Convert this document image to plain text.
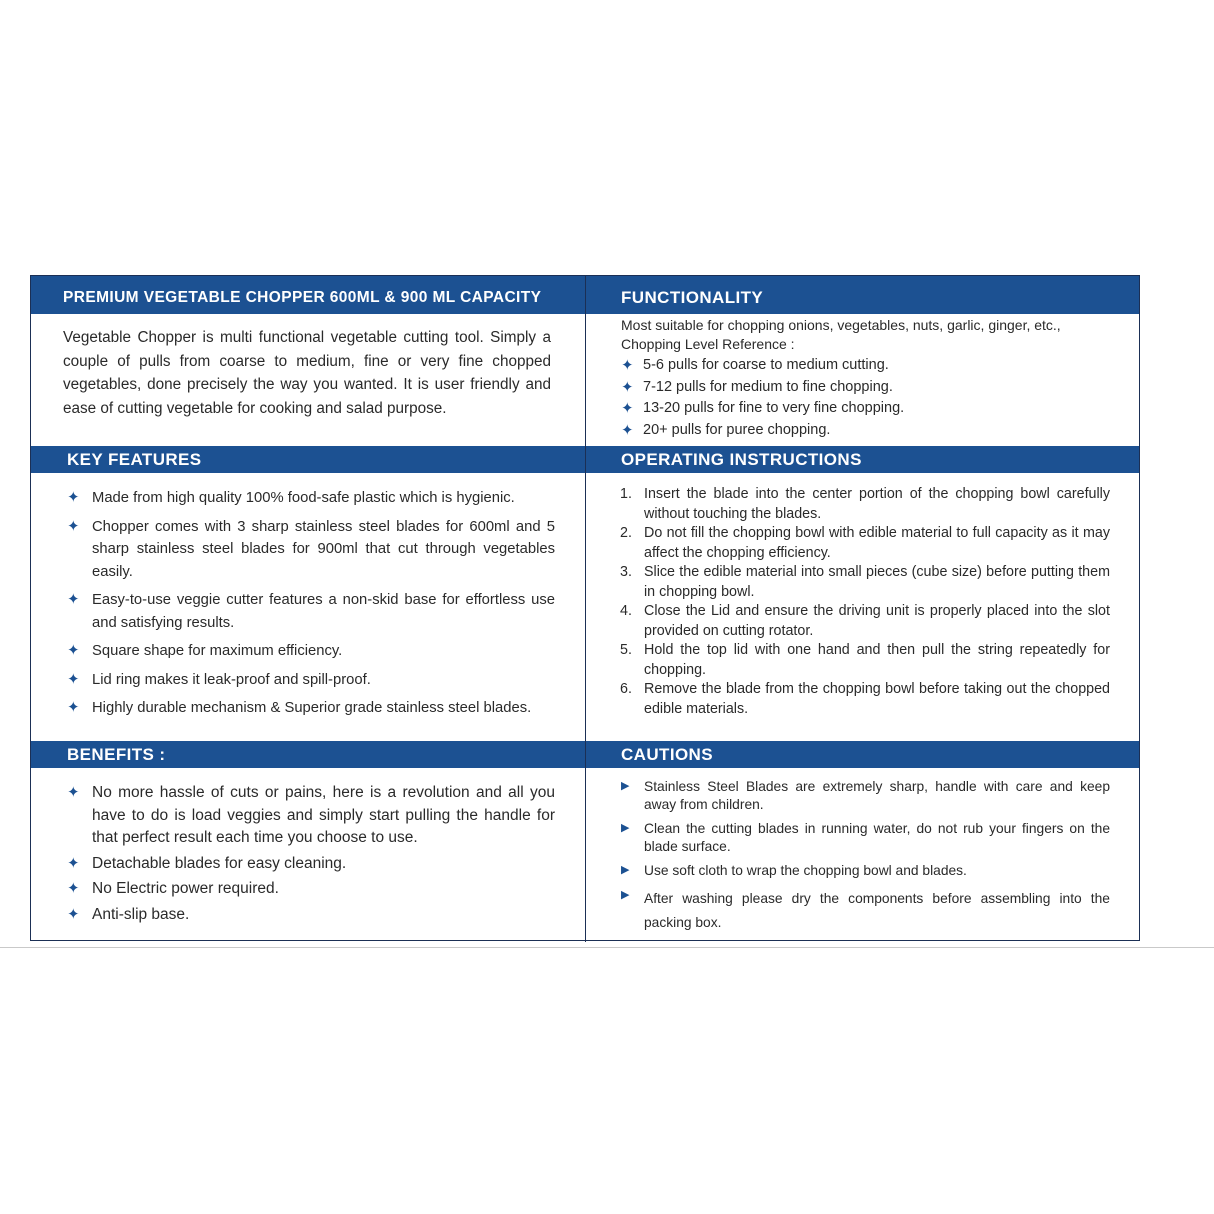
PREMIUM VEGETABLE CHOPPER 600ML & 900 ML CAPACITY	FUNCTIONALITY
Vegetable Chopper is multi functional vegetable cutting tool. Simply a couple of pulls from coarse to medium, fine or very fine chopped vegetables, done precisely the way you wanted. It is user friendly and ease of cutting vegetable for cooking and salad purpose.
Most suitable for chopping onions, vegetables, nuts, garlic, ginger, etc.,
Chopping Level Reference :
✦ 5-6 pulls for coarse to medium cutting.
✦ 7-12 pulls for medium to fine chopping.
✦ 13-20 pulls for fine to very fine chopping.
✦ 20+ pulls for puree chopping.
KEY FEATURES	OPERATING INSTRUCTIONS
✦ Made from high quality 100% food-safe plastic which is hygienic.
✦ Chopper comes with 3 sharp stainless steel blades for 600ml and 5 sharp stainless steel blades for 900ml that cut through vegetables easily.
✦ Easy-to-use veggie cutter features a non-skid base for effortless use and satisfying results.
✦ Square shape for maximum efficiency.
✦ Lid ring makes it leak-proof and spill-proof.
✦ Highly durable mechanism & Superior grade stainless steel blades.
1. Insert the blade into the center portion of the chopping bowl carefully without touching the blades.
2. Do not fill the chopping bowl with edible material to full capacity as it may affect the chopping efficiency.
3. Slice the edible material into small pieces (cube size) before putting them in chopping bowl.
4. Close the Lid and ensure the driving unit is properly placed into the slot provided on cutting rotator.
5. Hold the top lid with one hand and then pull the string repeatedly for chopping.
6. Remove the blade from the chopping bowl before taking out the chopped edible materials.
BENEFITS :	CAUTIONS
✦ No more hassle of cuts or pains, here is a revolution and all you have to do is load veggies and simply start pulling the handle for that perfect result each time you choose to use.
✦ Detachable blades for easy cleaning.
✦ No Electric power required.
✦ Anti-slip base.
▶	Stainless Steel Blades are extremely sharp, handle with care and keep away from children.
▶	Clean the cutting blades in running water, do not rub your fingers on the blade surface.
▶	Use soft cloth to wrap the chopping bowl and blades.
▶	After washing please dry the components before assembling into the packing box.
